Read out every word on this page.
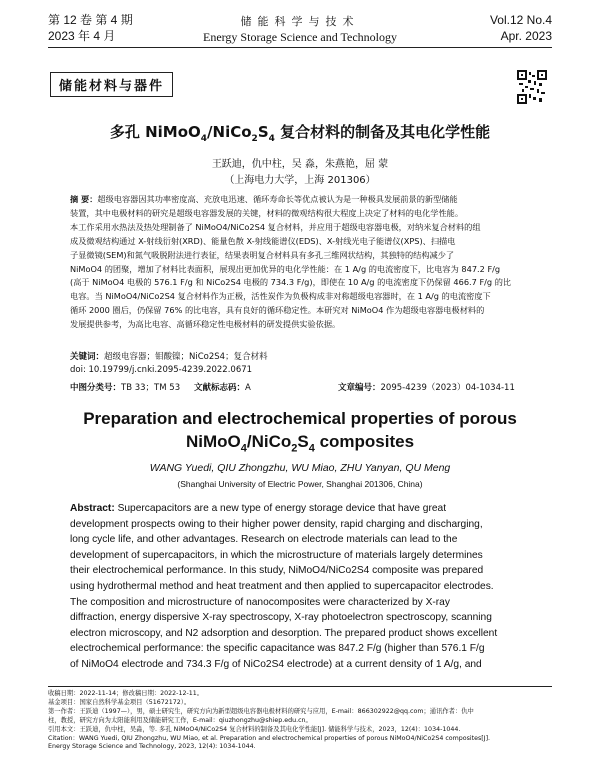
第 12 卷 第 4 期
2023 年 4 月
储能科学与技术
Energy Storage Science and Technology
Vol.12 No.4
Apr. 2023
储能材料与器件
多孔 $NiMoO_4/NiCo_2S_4$ 复合材料的制备及其电化学性能
王跃迪，仇中柱，吴 淼，朱燕艳，屈 蒙
（上海电力大学，上海 201306）
摘 要：超级电容器因其功率密度高、充放电迅速、循环寿命长等优点被认为是一种极具发展前景的新型储能
装置，其中电极材料的研究是超级电容器发展的关键，材料的微观结构很大程度上决定了材料的电化学性能。
本工作采用水热法及热处理制备了 NiMoO4/NiCo2S4 复合材料，并应用于超级电容器电极，对纳米复合材料的组
成及微观结构通过 X-射线衍射(XRD)、能量色散 X-射线能谱仪(EDS)、X-射线光电子能谱仪(XPS)、扫描电
子显微镜(SEM)和氮气吸脱附法进行表征，结果表明复合材料具有多孔三维网状结构，其独特的结构减少了
NiMoO4 的团聚，增加了材料比表面积，展现出更加优异的电化学性能：在 1 A/g 的电流密度下，比电容为 847.2 F/g
(高于 NiMoO4 电极的 576.1 F/g 和 NiCo2S4 电极的 734.3 F/g)，即使在 10 A/g 的电流密度下仍保留 466.7 F/g 的比
电容。当 NiMoO4/NiCo2S4 复合材料作为正极，活性炭作为负极构成非对称超级电容器时，在 1 A/g 的电流密度下
循环 2000 圈后，仍保留 76% 的比电容，具有良好的循环稳定性。本研究对 NiMoO4 作为超级电容器电极材料的
发展提供参考，为高比电容、高循环稳定性电极材料的研发提供实验依据。
关键词：超级电容器；钼酸镍；NiCo2S4；复合材料
doi: 10.19799/j.cnki.2095-4239.2022.0671
中图分类号：TB 33；TM 53 文献标志码：A	文章编号：2095-4239（2023）04-1034-11
Preparation and electrochemical properties of porous
$NiMoO_4/NiCo_2S_4$ composites
WANG Yuedi, QIU Zhongzhu, WU Miao, ZHU Yanyan, QU Meng
(Shanghai University of Electric Power, Shanghai 201306, China)
Abstract: Supercapacitors are a new type of energy storage device that have great
development prospects owing to their higher power density, rapid charging and discharging,
long cycle life, and other advantages. Research on electrode materials can lead to the
development of supercapacitors, in which the microstructure of materials largely determines
their electrochemical performance. In this study, NiMoO4/NiCo2S4 composite was prepared
using hydrothermal method and heat treatment and then applied to supercapacitor electrodes.
The composition and microstructure of nanocomposites were characterized by X-ray
diffraction, energy dispersive X-ray spectroscopy, X-ray photoelectron spectroscopy, scanning
electron microscopy, and N2 adsorption and desorption. The prepared product shows excellent
electrochemical performance: the specific capacitance was 847.2 F/g (higher than 576.1 F/g
of NiMoO4 electrode and 734.3 F/g of NiCo2S4 electrode) at a current density of 1 A/g, and
收稿日期：2022-11-14；修改稿日期：2022-12-11。
基金项目：国家自然科学基金项目（51672172）。
第一作者：王跃迪（1997—），男，硕士研究生，研究方向为新型超级电容器电极材料的研究与应用，E-mail：866302922@qq.com；通讯作者：仇中
柱，教授，研究方向为太阳能利用及储能研究工作，E-mail：qiuzhongzhu@shiep.edu.cn。
引用本文：王跃迪，仇中柱，吴淼，等. 多孔 NiMoO4/NiCo2S4 复合材料的制备及其电化学性能[J]. 储能科学与技术，2023，12(4)：1034-1044.
Citation：WANG Yuedi, QIU Zhongzhu, WU Miao, et al. Preparation and electrochemical properties of porous NiMoO4/NiCo2S4 composites[J].
Energy Storage Science and Technology, 2023, 12(4): 1034-1044.
